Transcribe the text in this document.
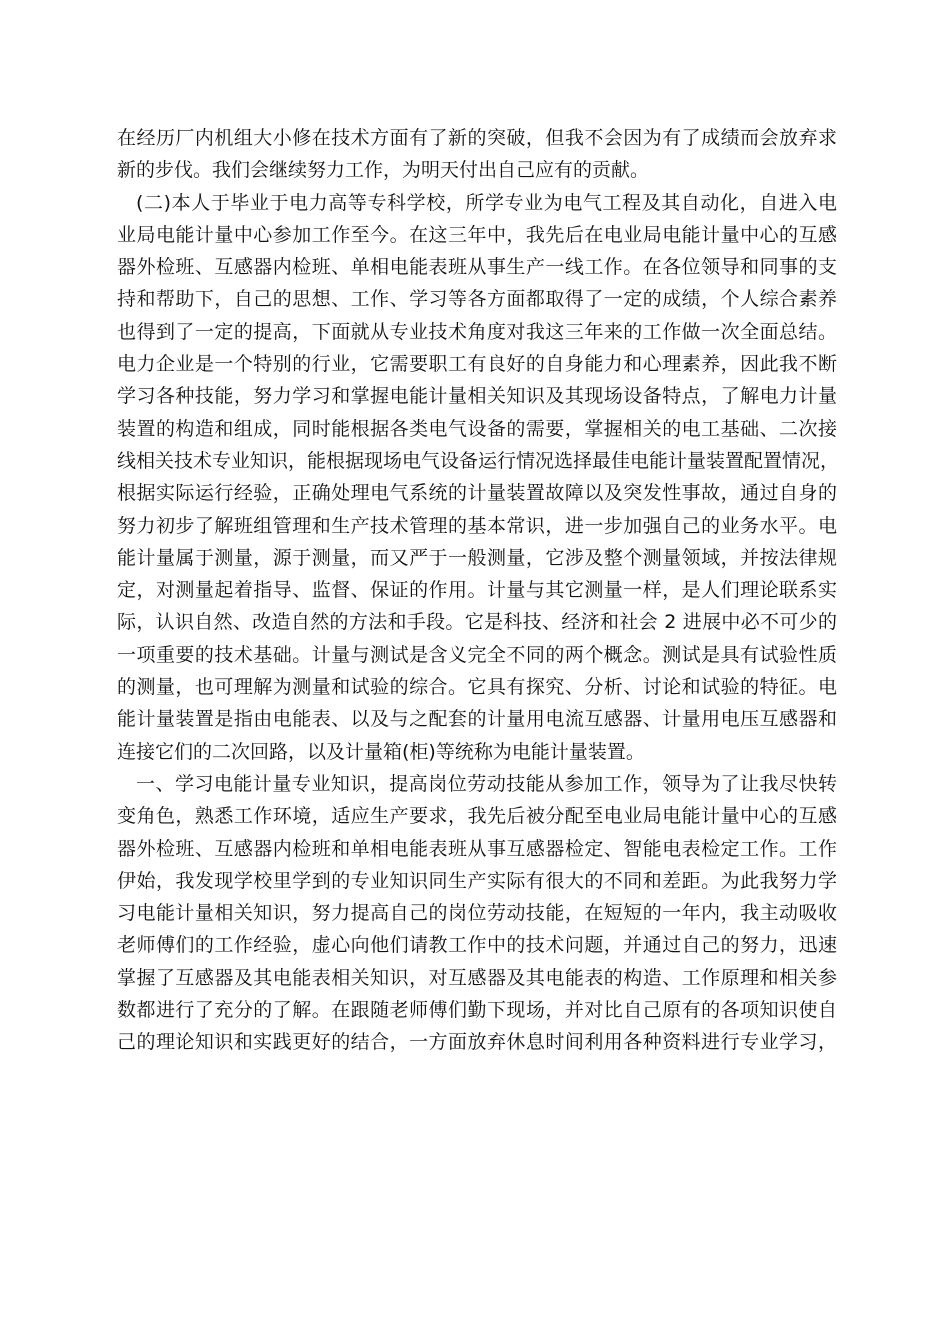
在经历厂内机组大小修在技术方面有了新的突破，但我不会因为有了成绩而会放弃求
新的步伐。我们会继续努力工作，为明天付出自己应有的贡献。
(二)本人于毕业于电力高等专科学校，所学专业为电气工程及其自动化，自进入电
业局电能计量中心参加工作至今。在这三年中，我先后在电业局电能计量中心的互感
器外检班、互感器内检班、单相电能表班从事生产一线工作。在各位领导和同事的支
持和帮助下，自己的思想、工作、学习等各方面都取得了一定的成绩，个人综合素养
也得到了一定的提高，下面就从专业技术角度对我这三年来的工作做一次全面总结。
电力企业是一个特别的行业，它需要职工有良好的自身能力和心理素养，因此我不断
学习各种技能，努力学习和掌握电能计量相关知识及其现场设备特点，了解电力计量
装置的构造和组成，同时能根据各类电气设备的需要，掌握相关的电工基础、二次接
线相关技术专业知识，能根据现场电气设备运行情况选择最佳电能计量装置配置情况，
根据实际运行经验，正确处理电气系统的计量装置故障以及突发性事故，通过自身的
努力初步了解班组管理和生产技术管理的基本常识，进一步加强自己的业务水平。电
能计量属于测量，源于测量，而又严于一般测量，它涉及整个测量领域，并按法律规
定，对测量起着指导、监督、保证的作用。计量与其它测量一样，是人们理论联系实
际，认识自然、改造自然的方法和手段。它是科技、经济和社会 2 进展中必不可少的
一项重要的技术基础。计量与测试是含义完全不同的两个概念。测试是具有试验性质
的测量，也可理解为测量和试验的综合。它具有探究、分析、讨论和试验的特征。电
能计量装置是指由电能表、以及与之配套的计量用电流互感器、计量用电压互感器和
连接它们的二次回路，以及计量箱(柜)等统称为电能计量装置。
一、学习电能计量专业知识，提高岗位劳动技能从参加工作，领导为了让我尽快转
变角色，熟悉工作环境，适应生产要求，我先后被分配至电业局电能计量中心的互感
器外检班、互感器内检班和单相电能表班从事互感器检定、智能电表检定工作。工作
伊始，我发现学校里学到的专业知识同生产实际有很大的不同和差距。为此我努力学
习电能计量相关知识，努力提高自己的岗位劳动技能，在短短的一年内，我主动吸收
老师傅们的工作经验，虚心向他们请教工作中的技术问题，并通过自己的努力，迅速
掌握了互感器及其电能表相关知识，对互感器及其电能表的构造、工作原理和相关参
数都进行了充分的了解。在跟随老师傅们勤下现场，并对比自己原有的各项知识使自
己的理论知识和实践更好的结合，一方面放弃休息时间利用各种资料进行专业学习，
